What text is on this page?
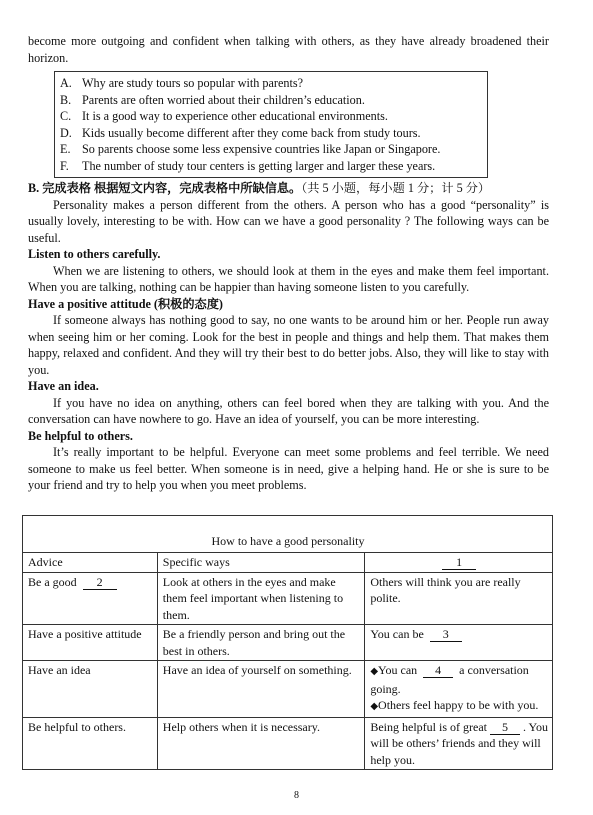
become more outgoing and confident when talking with others, as they have already broadened their horizon.

A. Why are study tours so popular with parents?
B. Parents are often worried about their children’s education.
C. It is a good way to experience other educational environments.
D. Kids usually become different after they come back from study tours.
E. So parents choose some less expensive countries like Japan or Singapore.
F.	The number of study tour centers is getting larger and larger these years.

B. 完成表格 根据短文内容，完成表格中所缺信息。（共 5 小题，每小题 1 分；计 5 分）

Personality makes a person different from the others. A person who has a good “personality” is usually lovely, interesting to be with. How can we have a good personality ? The following ways can be useful.

Listen to others carefully.

When we are listening to others, we should look at them in the eyes and make them feel important. When you are talking, nothing can be happier than having someone listen to you carefully.

Have a positive attitude (积极的态度)

If someone always has nothing good to say, no one wants to be around him or her. People run away when seeing him or her coming. Look for the best in people and things and help them. That makes them happy, relaxed and confident. And they will try their best to do better jobs. Also, they will like to stay with you.

Have an idea.

If you have no idea on anything, others can feel bored when they are talking with you. And the conversation can have nowhere to go. Have an idea of yourself, you can be more interesting.

Be helpful to others.

It’s really important to be helpful. Everyone can meet some problems and feel terrible. We need someone to make us feel better. When someone is in need, give a helping hand. He or she is sure to be your friend and try to help you when you meet problems.

How to have a good personality		
Advice	Specific ways	1
Be a good 2	Look at others in the eyes and make them feel important when listening to them.	Others will think you are really polite.
Have a positive attitude	Be a friendly person and bring out the best in others.	You can be 3
Have an idea	Have an idea of yourself on something.	◆You can 4 a conversation going.
◆Others feel happy to be with you.

Be helpful to others.	Help others when it is necessary.	Being helpful is of great 5 . You will be others’ friends and they will help you.
8
